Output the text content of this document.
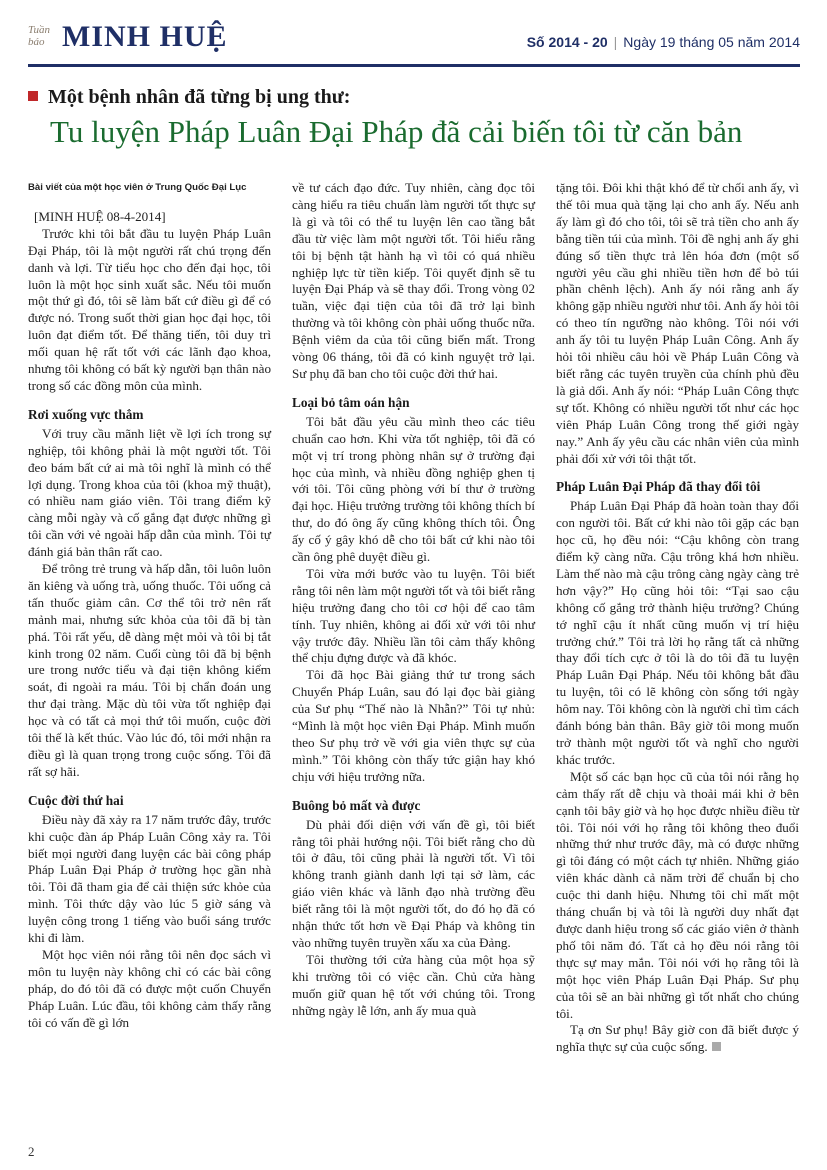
Tuần
báo MINH HUỆ	Số 2014 - 20 | Ngày 19 tháng 05 năm 2014
Một bệnh nhân đã từng bị ung thư:
Tu luyện Pháp Luân Đại Pháp đã cải biến tôi từ căn bản

Bài viết của một học viên ở Trung Quốc Đại Lục

[MINH HUỆ 08-4-2014]

Trước khi tôi bắt đầu tu luyện Pháp Luân Đại Pháp, tôi là một người rất chú trọng đến danh và lợi. Từ tiểu học cho đến đại học, tôi luôn là một học sinh xuất sắc. Nếu tôi muốn một thứ gì đó, tôi sẽ làm bất cứ điều gì để có được nó. Trong suốt thời gian học đại học, tôi luôn đạt điểm tốt. Để thăng tiến, tôi duy trì mối quan hệ rất tốt với các lãnh đạo khoa, nhưng tôi không có bất kỳ người bạn thân nào trong số các đồng môn của mình.

Rơi xuống vực thẳm

Với truy cầu mãnh liệt về lợi ích trong sự nghiệp, tôi không phải là một người tốt. Tôi đeo bám bất cứ ai mà tôi nghĩ là mình có thể lợi dụng. Trong khoa của tôi (khoa mỹ thuật), có nhiều nam giáo viên. Tôi trang điểm kỹ càng mỗi ngày và cố gắng đạt được những gì tôi cần với vẻ ngoài hấp dẫn của mình. Tôi tự đánh giá bản thân rất cao.

Để trông trẻ trung và hấp dẫn, tôi luôn luôn ăn kiêng và uống trà, uống thuốc. Tôi uống cả tấn thuốc giảm cân. Cơ thể tôi trở nên rất mảnh mai, nhưng sức khỏa của tôi đã bị tàn phá. Tôi rất yếu, dễ dàng mệt mỏi và tôi bị tắt kinh trong 02 năm. Cuối cùng tôi đã bị bệnh ure trong nước tiểu và đại tiện không kiểm soát, đi ngoài ra máu. Tôi bị chẩn đoán ung thư đại tràng. Mặc dù tôi vừa tốt nghiệp đại học và có tất cả mọi thứ tôi muốn, cuộc đời tôi thế là kết thúc. Vào lúc đó, tôi mới nhận ra điều gì là quan trọng trong cuộc sống. Tôi đã rất sợ hãi.

Cuộc đời thứ hai

Điều này đã xảy ra 17 năm trước đây, trước khi cuộc đàn áp Pháp Luân Công xảy ra. Tôi biết mọi người đang luyện các bài công pháp Pháp Luân Đại Pháp ở trường học gần nhà tôi. Tôi đã tham gia để cải thiện sức khỏe của mình. Tôi thức dậy vào lúc 5 giờ sáng và luyện công trong 1 tiếng vào buổi sáng trước khi đi làm.

Một học viên nói rằng tôi nên đọc sách vì môn tu luyện này không chỉ có các bài công pháp, do đó tôi đã có được một cuốn Chuyển Pháp Luân. Lúc đầu, tôi không cảm thấy rằng tôi có vấn đề gì lớn

về tư cách đạo đức. Tuy nhiên, càng đọc tôi càng hiểu ra tiêu chuẩn làm người tốt thực sự là gì và tôi có thể tu luyện lên cao tầng bắt đầu từ việc làm một người tốt. Tôi hiểu rằng tôi bị bệnh tật hành hạ vì tôi có quá nhiều nghiệp lực từ tiền kiếp. Tôi quyết định sẽ tu luyện Đại Pháp và sẽ thay đổi. Trong vòng 02 tuần, việc đại tiện của tôi đã trở lại bình thường và tôi không còn phải uống thuốc nữa. Bệnh viêm da của tôi cũng biến mất. Trong vòng 06 tháng, tôi đã có kinh nguyệt trở lại. Sư phụ đã ban cho tôi cuộc đời thứ hai.

Loại bỏ tâm oán hận

Tôi bắt đầu yêu cầu mình theo các tiêu chuẩn cao hơn. Khi vừa tốt nghiệp, tôi đã có một vị trí trong phòng nhân sự ở trường đại học của mình, và nhiều đồng nghiệp ghen tị với tôi. Tôi cũng phòng với bí thư ở trường đại học. Hiệu trưởng trường tôi không thích bí thư, do đó ông ấy cũng không thích tôi. Ông ấy cố ý gây khó dễ cho tôi bất cứ khi nào tôi cần ông phê duyệt điều gì.

Tôi vừa mới bước vào tu luyện. Tôi biết rằng tôi nên làm một người tốt và tôi biết rằng hiệu trưởng đang cho tôi cơ hội để cao tâm tính. Tuy nhiên, không ai đối xử với tôi như vậy trước đây. Nhiều lần tôi cảm thấy không thể chịu đựng được và đã khóc.

Tôi đã học Bài giảng thứ tư trong sách Chuyển Pháp Luân, sau đó lại đọc bài giảng của Sư phụ “Thế nào là Nhẫn?” Tôi tự nhủ: “Mình là một học viên Đại Pháp. Mình muốn theo Sư phụ trở về với gia viên thực sự của mình.” Tôi không còn thấy tức giận hay khó chịu với hiệu trưởng nữa.

Buông bỏ mất và được

Dù phải đối diện với vấn đề gì, tôi biết rằng tôi phải hướng nội. Tôi biết rằng cho dù tôi ở đâu, tôi cũng phải là người tốt. Vì tôi không tranh giành danh lợi tại sở làm, các giáo viên khác và lãnh đạo nhà trường đều biết rằng tôi là một người tốt, do đó họ đã có nhận thức tốt hơn về Đại Pháp và không tin vào những tuyên truyền xấu xa của Đảng.

Tôi thường tới cửa hàng của một họa sỹ khi trường tôi có việc cần. Chủ cửa hàng muốn giữ quan hệ tốt với chúng tôi. Trong những ngày lễ lớn, anh ấy mua quà

tặng tôi. Đôi khi thật khó để từ chối anh ấy, vì thế tôi mua quà tặng lại cho anh ấy. Nếu anh ấy làm gì đó cho tôi, tôi sẽ trả tiền cho anh ấy bằng tiền túi của mình. Tôi đề nghị anh ấy ghi đúng số tiền thực trả lên hóa đơn (một số người yêu cầu ghi nhiều tiền hơn để bỏ túi phần chênh lệch). Anh ấy nói rằng anh ấy không gặp nhiều người như tôi. Anh ấy hỏi tôi có theo tín ngưỡng nào không. Tôi nói với anh ấy tôi tu luyện Pháp Luân Công. Anh ấy hỏi tôi nhiều câu hỏi về Pháp Luân Công và biết rằng các tuyên truyền của chính phủ đều là giả dối. Anh ấy nói: “Pháp Luân Công thực sự tốt. Không có nhiều người tốt như các học viên Pháp Luân Công trong thế giới ngày nay.” Anh ấy yêu cầu các nhân viên của mình phải đối xử với tôi thật tốt.

Pháp Luân Đại Pháp đã thay đổi tôi

Pháp Luân Đại Pháp đã hoàn toàn thay đổi con người tôi. Bất cứ khi nào tôi gặp các bạn học cũ, họ đều nói: “Cậu không còn trang điểm kỹ càng nữa. Cậu trông khá hơn nhiều. Làm thế nào mà cậu trông càng ngày càng trẻ hơn vậy?” Họ cũng hỏi tôi: “Tại sao cậu không cố gắng trở thành hiệu trưởng? Chúng tớ nghĩ cậu ít nhất cũng muốn vị trí hiệu trưởng chứ.” Tôi trả lời họ rằng tất cả những thay đổi tích cực ở tôi là do tôi đã tu luyện Pháp Luân Đại Pháp. Nếu tôi không bắt đầu tu luyện, tôi có lẽ không còn sống tới ngày hôm nay. Tôi không còn là người chỉ tìm cách đánh bóng bản thân. Bây giờ tôi mong muốn trở thành một người tốt và nghĩ cho người khác trước.

Một số các bạn học cũ của tôi nói rằng họ cảm thấy rất dễ chịu và thoải mái khi ở bên cạnh tôi bây giờ và họ học được nhiều điều từ tôi. Tôi nói với họ rằng tôi không theo đuổi những thứ như trước đây, mà có được những gì tôi đáng có một cách tự nhiên. Những giáo viên khác dành cả năm trời để chuẩn bị cho cuộc thi danh hiệu. Nhưng tôi chỉ mất một tháng chuẩn bị và tôi là người duy nhất đạt được danh hiệu trong số các giáo viên ở thành phố tôi năm đó. Tất cả họ đều nói rằng tôi thực sự may mắn. Tôi nói với họ rằng tôi là một học viên Pháp Luân Đại Pháp. Sư phụ của tôi sẽ an bài những gì tốt nhất cho chúng tôi.

Tạ ơn Sư phụ! Bây giờ con đã biết được ý nghĩa thực sự của cuộc sống.

2
